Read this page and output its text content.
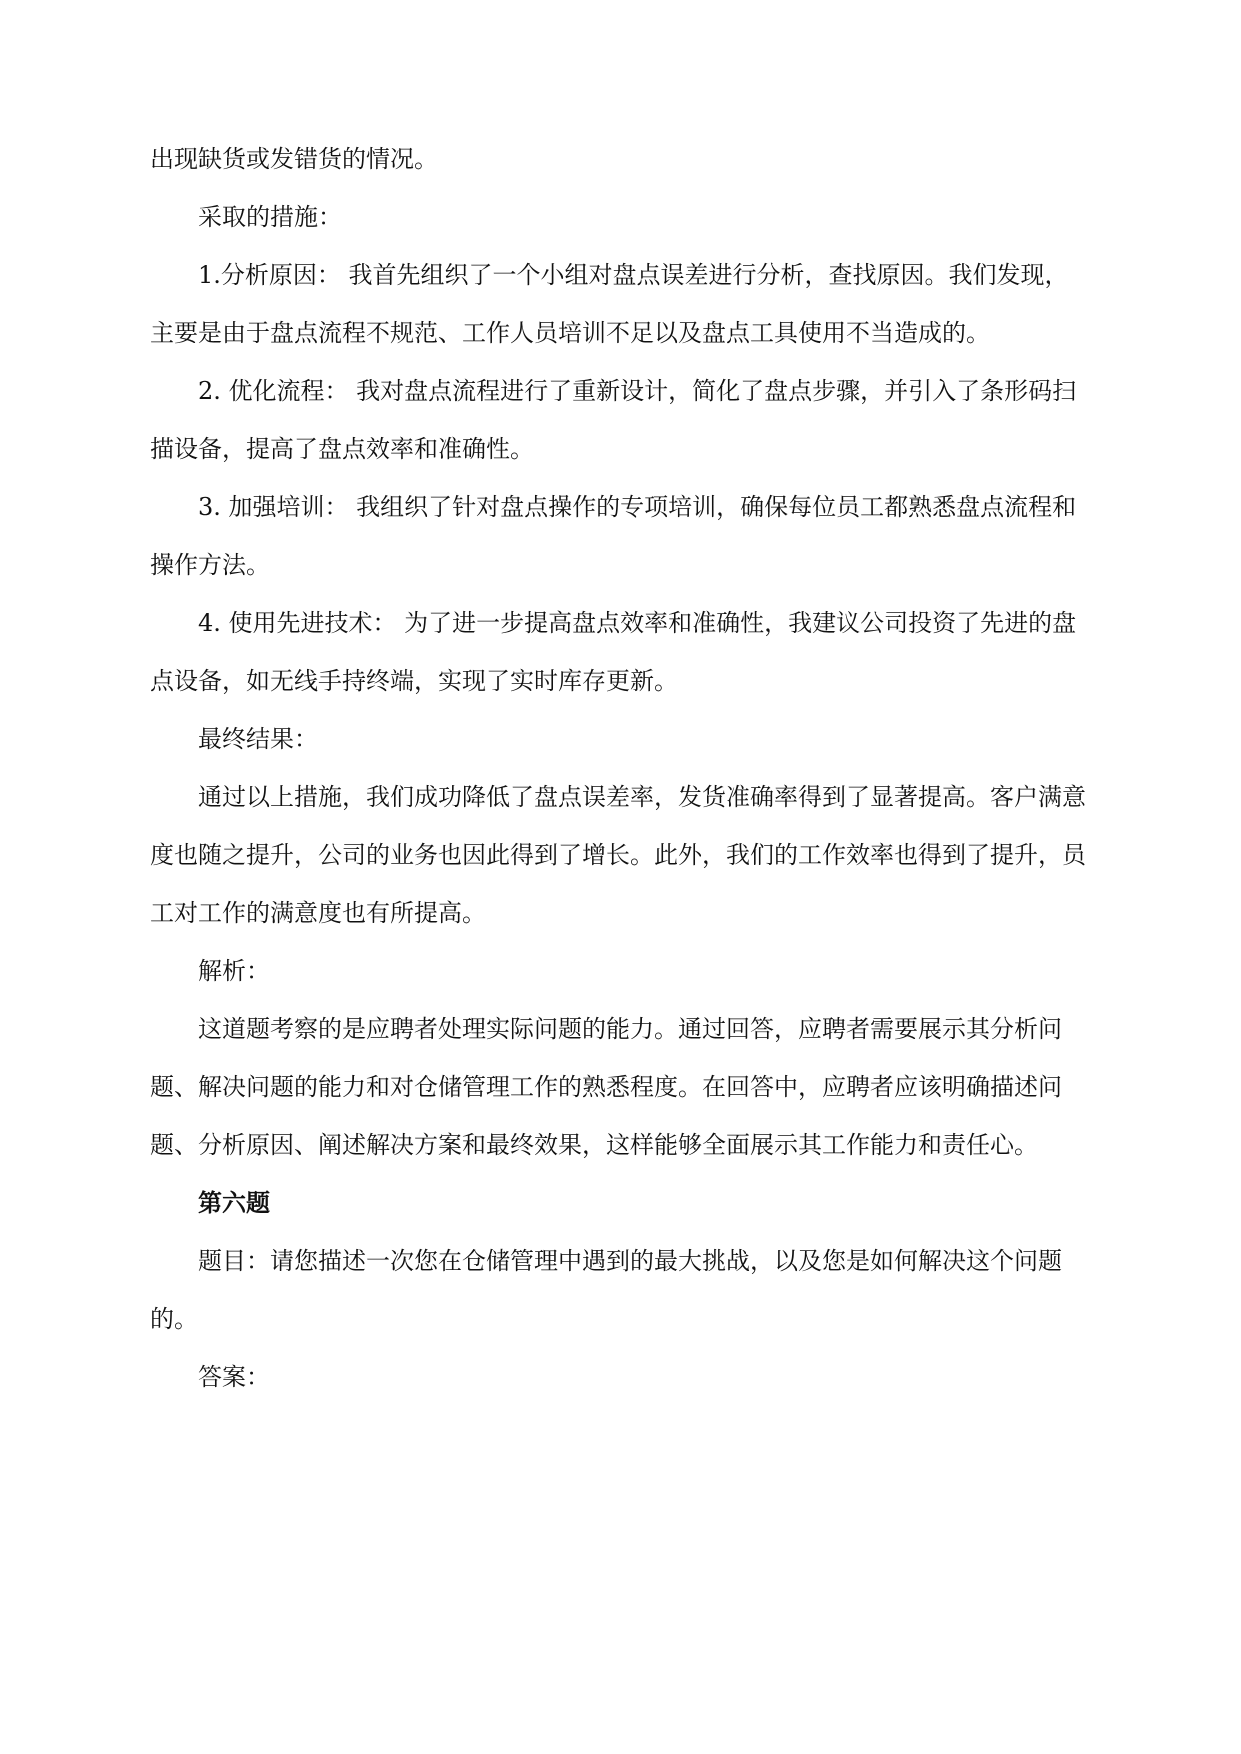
出现缺货或发错货的情况。

采取的措施：

1.分析原因： 我首先组织了一个小组对盘点误差进行分析，查找原因。我们发现，主要是由于盘点流程不规范、工作人员培训不足以及盘点工具使用不当造成的。

2. 优化流程： 我对盘点流程进行了重新设计，简化了盘点步骤，并引入了条形码扫描设备，提高了盘点效率和准确性。

3. 加强培训： 我组织了针对盘点操作的专项培训，确保每位员工都熟悉盘点流程和操作方法。

4. 使用先进技术： 为了进一步提高盘点效率和准确性，我建议公司投资了先进的盘点设备，如无线手持终端，实现了实时库存更新。

最终结果：

通过以上措施，我们成功降低了盘点误差率，发货准确率得到了显著提高。客户满意度也随之提升，公司的业务也因此得到了增长。此外，我们的工作效率也得到了提升，员工对工作的满意度也有所提高。

解析：

这道题考察的是应聘者处理实际问题的能力。通过回答，应聘者需要展示其分析问题、解决问题的能力和对仓储管理工作的熟悉程度。在回答中，应聘者应该明确描述问题、分析原因、阐述解决方案和最终效果，这样能够全面展示其工作能力和责任心。

第六题

题目：请您描述一次您在仓储管理中遇到的最大挑战，以及您是如何解决这个问题的。

答案：
